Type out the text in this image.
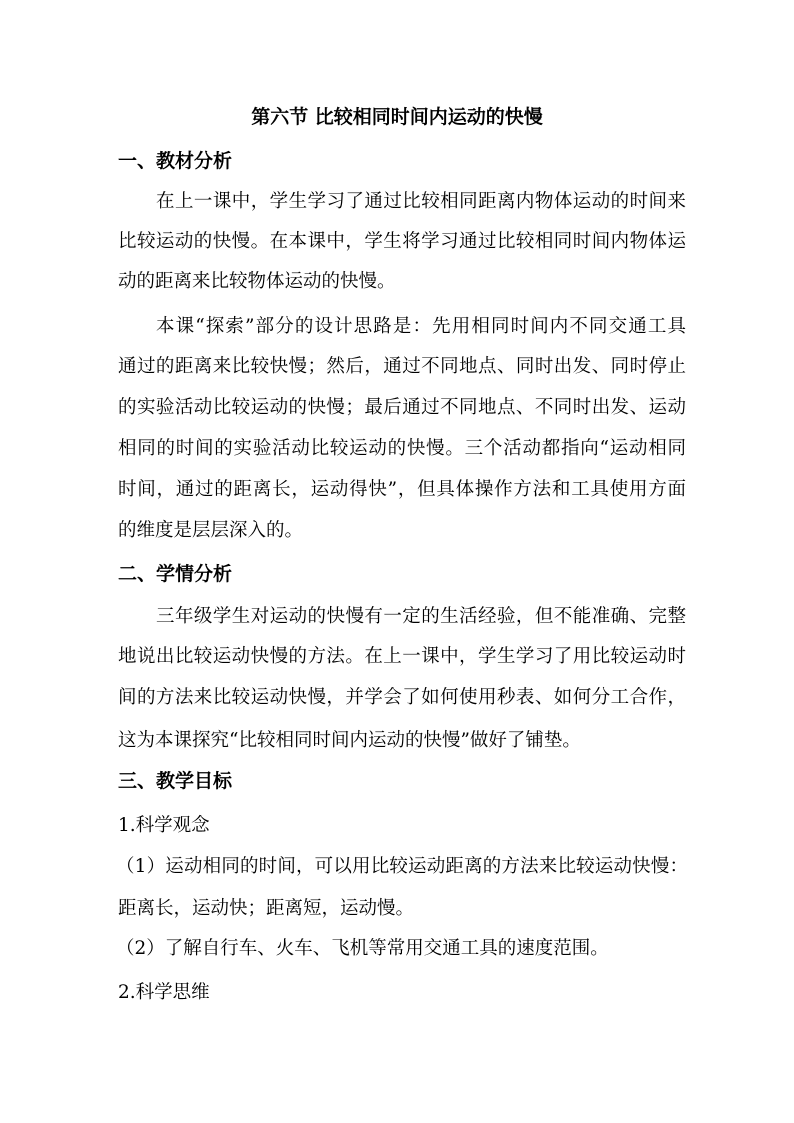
第六节 比较相同时间内运动的快慢
一、教材分析
在上一课中，学生学习了通过比较相同距离内物体运动的时间来
比较运动的快慢。在本课中，学生将学习通过比较相同时间内物体运
动的距离来比较物体运动的快慢。
本课“探索”部分的设计思路是：先用相同时间内不同交通工具
通过的距离来比较快慢；然后，通过不同地点、同时出发、同时停止
的实验活动比较运动的快慢；最后通过不同地点、不同时出发、运动
相同的时间的实验活动比较运动的快慢。三个活动都指向“运动相同
时间，通过的距离长，运动得快”，但具体操作方法和工具使用方面
的维度是层层深入的。
二、学情分析
三年级学生对运动的快慢有一定的生活经验，但不能准确、完整
地说出比较运动快慢的方法。在上一课中，学生学习了用比较运动时
间的方法来比较运动快慢，并学会了如何使用秒表、如何分工合作，
这为本课探究“比较相同时间内运动的快慢”做好了铺垫。
三、教学目标
1.科学观念
（1）运动相同的时间，可以用比较运动距离的方法来比较运动快慢：
距离长，运动快；距离短，运动慢。
（2）了解自行车、火车、飞机等常用交通工具的速度范围。
2.科学思维
